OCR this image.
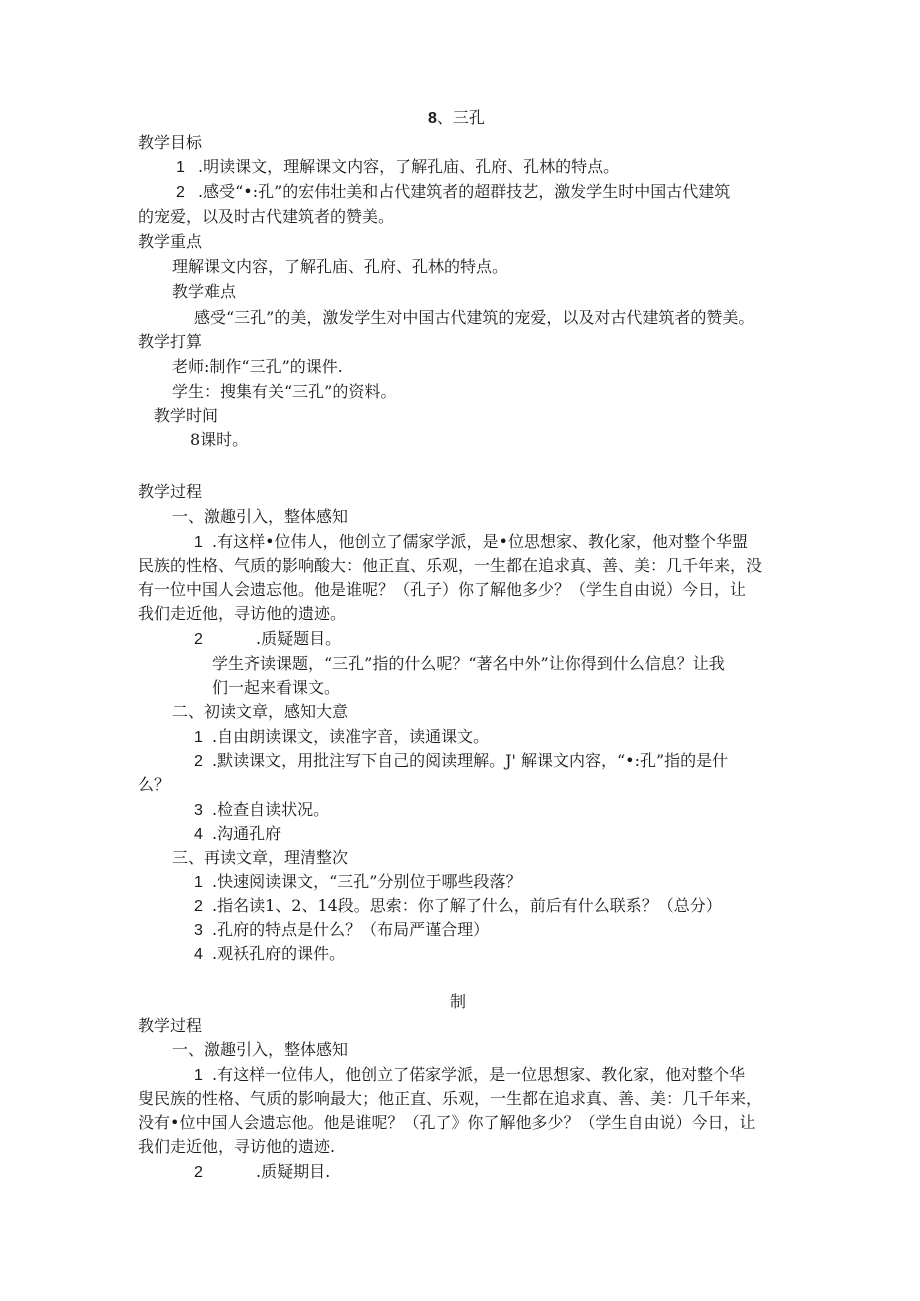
8、三孔
教学目标
1 .明读课文，理解课文内容，了解孔庙、孔府、孔林的特点。
2 .感受“•:孔”的宏伟壮美和占代建筑者的超群技艺，激发学生时中国古代建筑
的宠爱，以及时古代建筑者的赞美。
教学重点
理解课文内容，了解孔庙、孔府、孔林的特点。
教学难点
感受“三孔”的美，激发学生对中国古代建筑的宠爱，以及对古代建筑者的赞美。
教学打算
老师:制作“三孔”的课件.
学生：搜集有关“三孔”的资料。
教学时间
8课时。
教学过程
一、激趣引入，整体感知
1 .有这样•位伟人，他创立了儒家学派，是•位思想家、教化家，他对整个华盟
民族的性格、气质的影响酸大：他正直、乐观，一生都在追求真、善、美：几千年来，没
有一位中国人会遗忘他。他是谁呢？（孔子）你了解他多少？（学生自由说）今日，让
我们走近他，寻访他的遗迹。
2	.质疑题目。
学生齐读课题，“三孔”指的什么呢？“著名中外”让你得到什么信息？让我
们一起来看课文。
二、初读文章，感知大意
1 .自由朗读课文，读准字音，读通课文。
2 .默读课文，用批注写下自己的阅读理解。J' 解课文内容，“•:孔”指的是什
么？
3 .检查自读状况。
4 .沟通孔府
三、再读文章，理清整次
1 .快速阅读课文，“三孔”分别位于哪些段落？
2 .指名读1、2、14段。思索：你了解了什么，前后有什么联系？（总分）
3 .孔府的特点是什么？（布局严谨合理）
4 .观袄孔府的课件。
制
教学过程
一、激趣引入，整体感知
1 .有这样一位伟人，他创立了偌家学派，是一位思想家、教化家，他对整个华
叟民族的性格、气质的影响最大；他正直、乐观，一生都在追求真、善、美：几千年来，
没有•位中国人会遗忘他。他是谁呢？（孔了》你了解他多少？（学生自由说）今日，让
我们走近他，寻访他的遗迹.
2	.质疑期目.
